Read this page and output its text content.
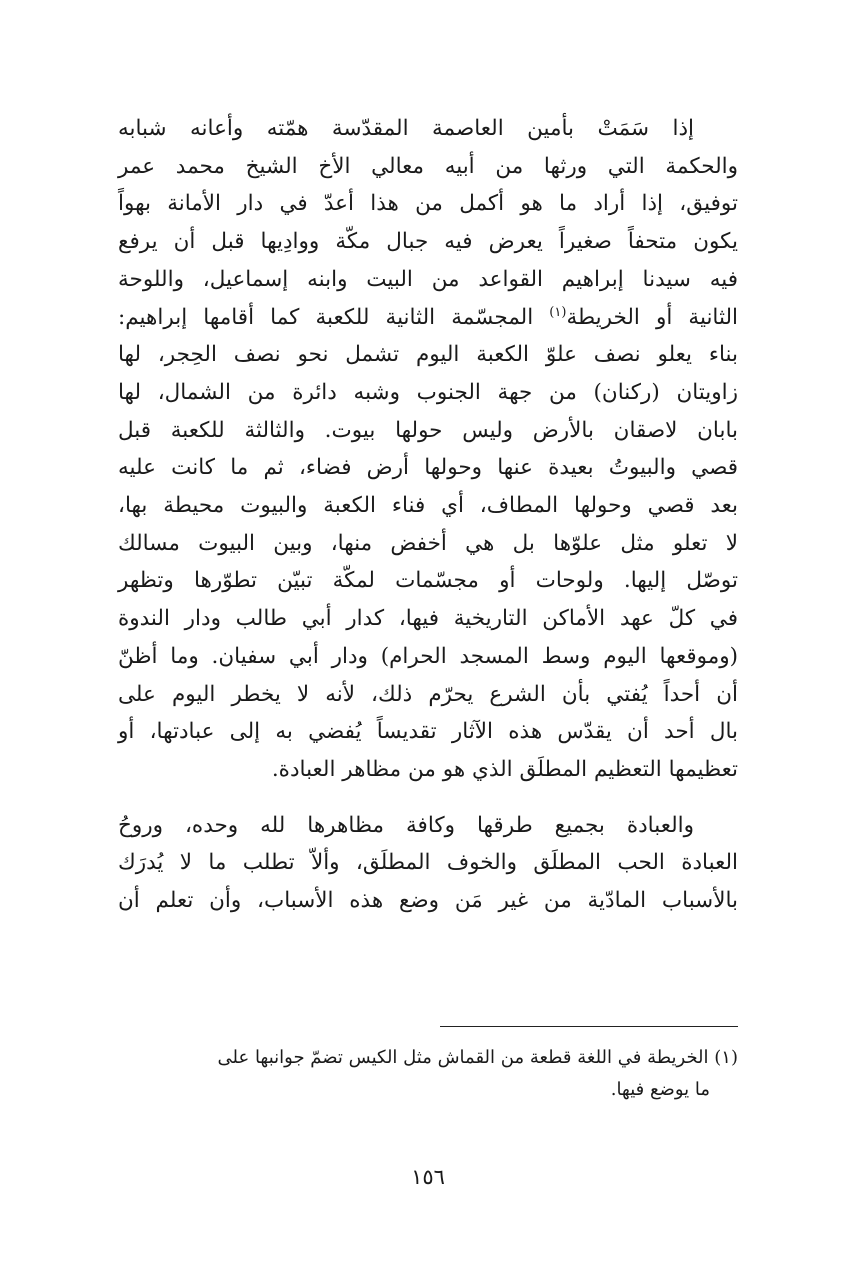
إذا سَمَتْ بأمين العاصمة المقدّسة همّته وأعانه شبابه
والحكمة التي ورثها من أبيه معالي الأخ الشيخ محمد عمر
توفيق، إذا أراد ما هو أكمل من هذا أعدّ في دار الأمانة بهواً
يكون متحفاً صغيراً يعرض فيه جبال مكّة ووادِيها قبل أن يرفع
فيه سيدنا إبراهيم القواعد من البيت وابنه إسماعيل، واللوحة
الثانية أو الخريطة$^{(١)}$ المجسّمة الثانية للكعبة كما أقامها إبراهيم:
بناء يعلو نصف علوّ الكعبة اليوم تشمل نحو نصف الحِجر، لها
زاويتان (ركنان) من جهة الجنوب وشبه دائرة من الشمال، لها
بابان لاصقان بالأرض وليس حولها بيوت. والثالثة للكعبة قبل
قصي والبيوتُ بعيدة عنها وحولها أرض فضاء، ثم ما كانت عليه
بعد قصي وحولها المطاف، أي فناء الكعبة والبيوت محيطة بها،
لا تعلو مثل علوّها بل هي أخفض منها، وبين البيوت مسالك
توصّل إليها. ولوحات أو مجسّمات لمكّة تبيّن تطوّرها وتظهر
في كلّ عهد الأماكن التاريخية فيها، كدار أبي طالب ودار الندوة
(وموقعها اليوم وسط المسجد الحرام) ودار أبي سفيان. وما أظنّ
أن أحداً يُفتي بأن الشرع يحرّم ذلك، لأنه لا يخطر اليوم على
بال أحد أن يقدّس هذه الآثار تقديساً يُفضي به إلى عبادتها، أو
تعظيمها التعظيم المطلَق الذي هو من مظاهر العبادة.

والعبادة بجميع طرقها وكافة مظاهرها لله وحده، وروحُ
العبادة الحب المطلَق والخوف المطلَق، وألاّ تطلب ما لا يُدرَك
بالأسباب المادّية من غير مَن وضع هذه الأسباب، وأن تعلم أن

(١) الخريطة في اللغة قطعة من القماش مثل الكيس تضمّ جوانبها على
ما يوضع فيها.
١٥٦
